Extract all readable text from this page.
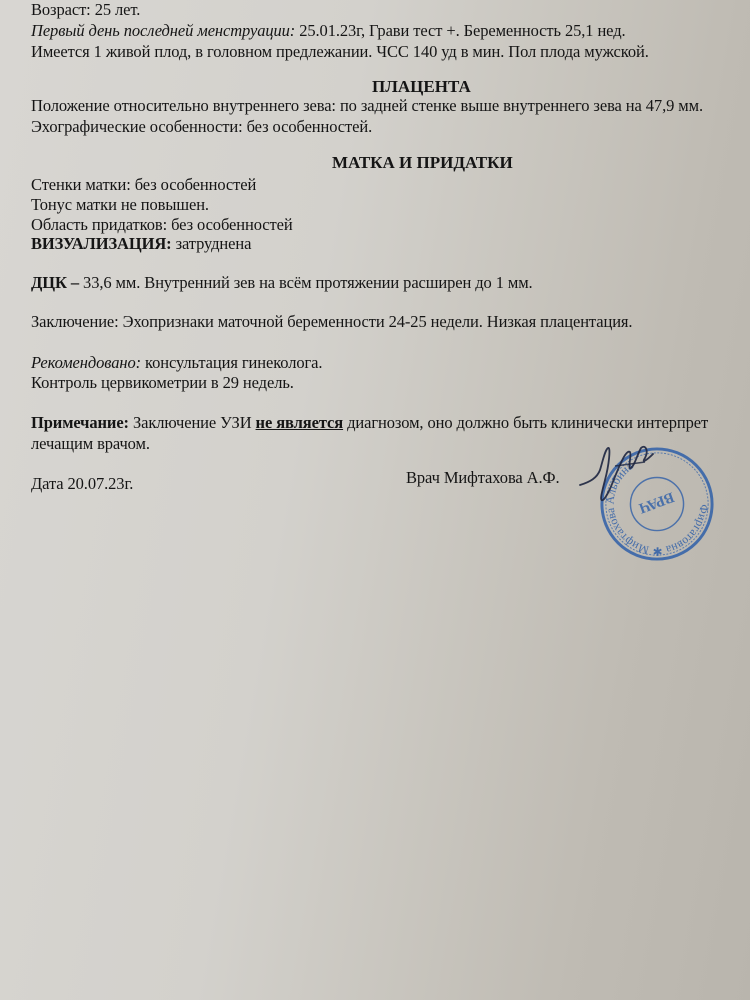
Возраст: 25 лет.
Первый день последней менструации: 25.01.23г, Грави тест +. Беременность 25,1 нед.
Имеется 1 живой плод, в головном предлежании. ЧСС 140 уд в мин. Пол плода мужской.
ПЛАЦЕНТА
Положение относительно внутреннего зева: по задней стенке выше внутреннего зева на 47,9 мм.
Эхографические особенности: без особенностей.
МАТКА И ПРИДАТКИ
Стенки матки: без особенностей
Тонус матки не повышен.
Область придатков: без особенностей
ВИЗУАЛИЗАЦИЯ: затруднена
ДЦК – 33,6 мм. Внутренний зев на всём протяжении расширен до 1 мм.
Заключение: Эхопризнаки маточной беременности 24-25 недели. Низкая плацентация.
Рекомендовано: консультация гинеколога.
Контроль цервикометрии в 29 недель.
Примечание: Заключение УЗИ не является диагнозом, оно должно быть клинически интерпрет
лечащим врачом.
Дата 20.07.23г.	Врач Мифтахова А.Ф.
Фиргатовна ✱ Мифтахова Альбина
ВРАЧ
